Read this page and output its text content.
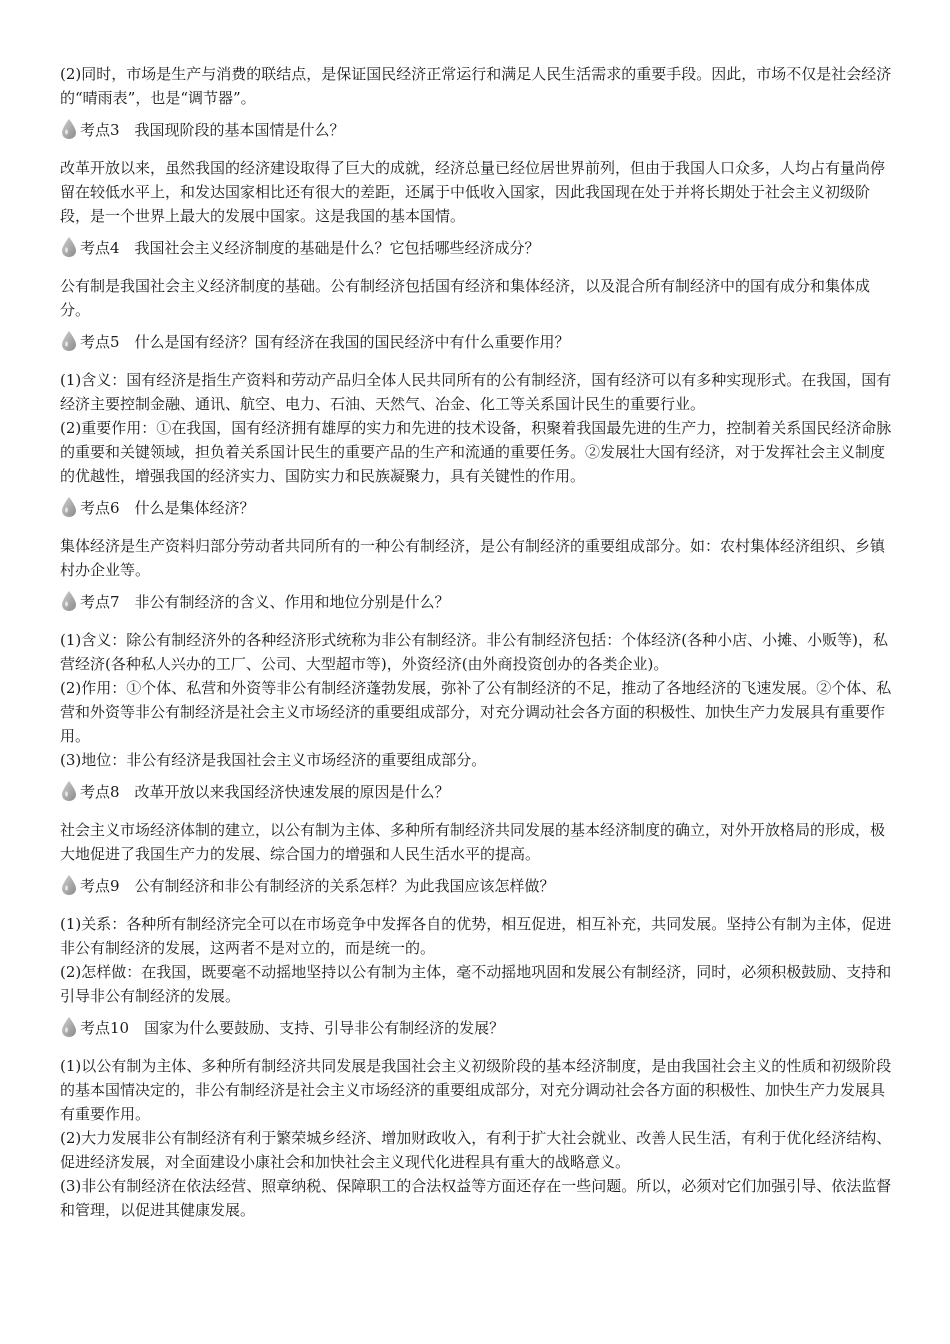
(2)同时，市场是生产与消费的联结点，是保证国民经济正常运行和满足人民生活需求的重要手段。因此，市场不仅是社会经济的“晴雨表”，也是“调节器”。

考点3　我国现阶段的基本国情是什么？

改革开放以来，虽然我国的经济建设取得了巨大的成就，经济总量已经位居世界前列，但由于我国人口众多，人均占有量尚停留在较低水平上，和发达国家相比还有很大的差距，还属于中低收入国家，因此我国现在处于并将长期处于社会主义初级阶段，是一个世界上最大的发展中国家。这是我国的基本国情。

考点4　我国社会主义经济制度的基础是什么？它包括哪些经济成分？

公有制是我国社会主义经济制度的基础。公有制经济包括国有经济和集体经济，以及混合所有制经济中的国有成分和集体成分。

考点5　什么是国有经济？国有经济在我国的国民经济中有什么重要作用？

(1)含义：国有经济是指生产资料和劳动产品归全体人民共同所有的公有制经济，国有经济可以有多种实现形式。在我国，国有经济主要控制金融、通讯、航空、电力、石油、天然气、冶金、化工等关系国计民生的重要行业。

(2)重要作用：①在我国，国有经济拥有雄厚的实力和先进的技术设备，积聚着我国最先进的生产力，控制着关系国民经济命脉的重要和关键领域，担负着关系国计民生的重要产品的生产和流通的重要任务。②发展壮大国有经济，对于发挥社会主义制度的优越性，增强我国的经济实力、国防实力和民族凝聚力，具有关键性的作用。

考点6　什么是集体经济？

集体经济是生产资料归部分劳动者共同所有的一种公有制经济，是公有制经济的重要组成部分。如：农村集体经济组织、乡镇村办企业等。

考点7　非公有制经济的含义、作用和地位分别是什么？

(1)含义：除公有制经济外的各种经济形式统称为非公有制经济。非公有制经济包括：个体经济(各种小店、小摊、小贩等)，私营经济(各种私人兴办的工厂、公司、大型超市等)，外资经济(由外商投资创办的各类企业)。

(2)作用：①个体、私营和外资等非公有制经济蓬勃发展，弥补了公有制经济的不足，推动了各地经济的飞速发展。②个体、私营和外资等非公有制经济是社会主义市场经济的重要组成部分，对充分调动社会各方面的积极性、加快生产力发展具有重要作用。

(3)地位：非公有经济是我国社会主义市场经济的重要组成部分。

考点8　改革开放以来我国经济快速发展的原因是什么？

社会主义市场经济体制的建立，以公有制为主体、多种所有制经济共同发展的基本经济制度的确立，对外开放格局的形成，极大地促进了我国生产力的发展、综合国力的增强和人民生活水平的提高。

考点9　公有制经济和非公有制经济的关系怎样？为此我国应该怎样做？

(1)关系：各种所有制经济完全可以在市场竞争中发挥各自的优势，相互促进，相互补充，共同发展。坚持公有制为主体，促进非公有制经济的发展，这两者不是对立的，而是统一的。

(2)怎样做：在我国，既要毫不动摇地坚持以公有制为主体，毫不动摇地巩固和发展公有制经济，同时，必须积极鼓励、支持和引导非公有制经济的发展。

考点10　国家为什么要鼓励、支持、引导非公有制经济的发展？

(1)以公有制为主体、多种所有制经济共同发展是我国社会主义初级阶段的基本经济制度，是由我国社会主义的性质和初级阶段的基本国情决定的，非公有制经济是社会主义市场经济的重要组成部分，对充分调动社会各方面的积极性、加快生产力发展具有重要作用。

(2)大力发展非公有制经济有利于繁荣城乡经济、增加财政收入，有利于扩大社会就业、改善人民生活，有利于优化经济结构、促进经济发展，对全面建设小康社会和加快社会主义现代化进程具有重大的战略意义。

(3)非公有制经济在依法经营、照章纳税、保障职工的合法权益等方面还存在一些问题。所以，必须对它们加强引导、依法监督和管理，以促进其健康发展。
